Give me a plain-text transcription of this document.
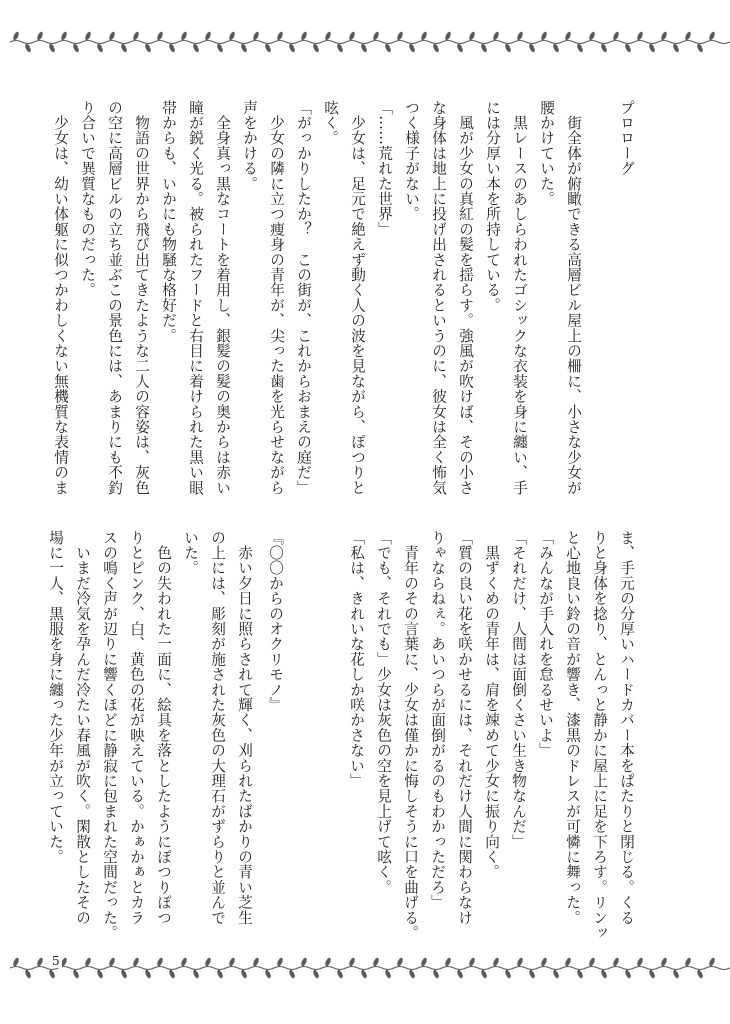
プロローグ
　街全体が俯瞰できる高層ビル屋上の柵に、小さな少女が
腰かけていた。
　黒レースのあしらわれたゴシックな衣装を身に纏い、手
には分厚い本を所持している。
　風が少女の真紅の髪を揺らす。強風が吹けば、その小さ
な身体は地上に投げ出されるというのに、彼女は全く怖気
つく様子がない。
「……荒れた世界」
　少女は、足元で絶えず動く人の波を見ながら、ぽつりと
呟く。
「がっかりしたか？　この街が、これからおまえの庭だ」
　少女の隣に立つ痩身の青年が、尖った歯を光らせながら
声をかける。
　全身真っ黒なコートを着用し、銀髪の髪の奥からは赤い
瞳が鋭く光る。被られたフードと右目に着けられた黒い眼
帯からも、いかにも物騒な格好だ。
　物語の世界から飛び出てきたような二人の容姿は、灰色
の空に高層ビルの立ち並ぶこの景色には、あまりにも不釣
り合いで異質なものだった。
　少女は、幼い体躯に似つかわしくない無機質な表情のま
ま、手元の分厚いハードカバー本をぱたりと閉じる。くる
りと身体を捻り、とんっと静かに屋上に足を下ろす。リンッ
と心地良い鈴の音が響き、漆黒のドレスが可憐に舞った。
「みんなが手入れを怠るせいよ」
「それだけ、人間は面倒くさい生き物なんだ」
　黒ずくめの青年は、肩を竦めて少女に振り向く。
「質の良い花を咲かせるには、それだけ人間に関わらなけ
りゃならねぇ。あいつらが面倒がるのもわかっただろ」
　青年のその言葉に、少女は僅かに悔しそうに口を曲げる。
「でも、それでも」少女は灰色の空を見上げて呟く。
「私は、きれいな花しか咲かさない」
『〇〇からのオクリモノ』
　赤い夕日に照らされて輝く、刈られたばかりの青い芝生
の上には、彫刻が施された灰色の大理石がずらりと並んで
いた。
　色の失われた一面に、絵具を落としたようにぽつりぽつ
りとピンク、白、黄色の花が映えている。かぁかぁとカラ
スの鳴く声が辺りに響くほどに静寂に包まれた空間だった。
　いまだ冷気を孕んだ冷たい春風が吹く。閑散としたその
場に一人、黒服を身に纏った少年が立っていた。
5
